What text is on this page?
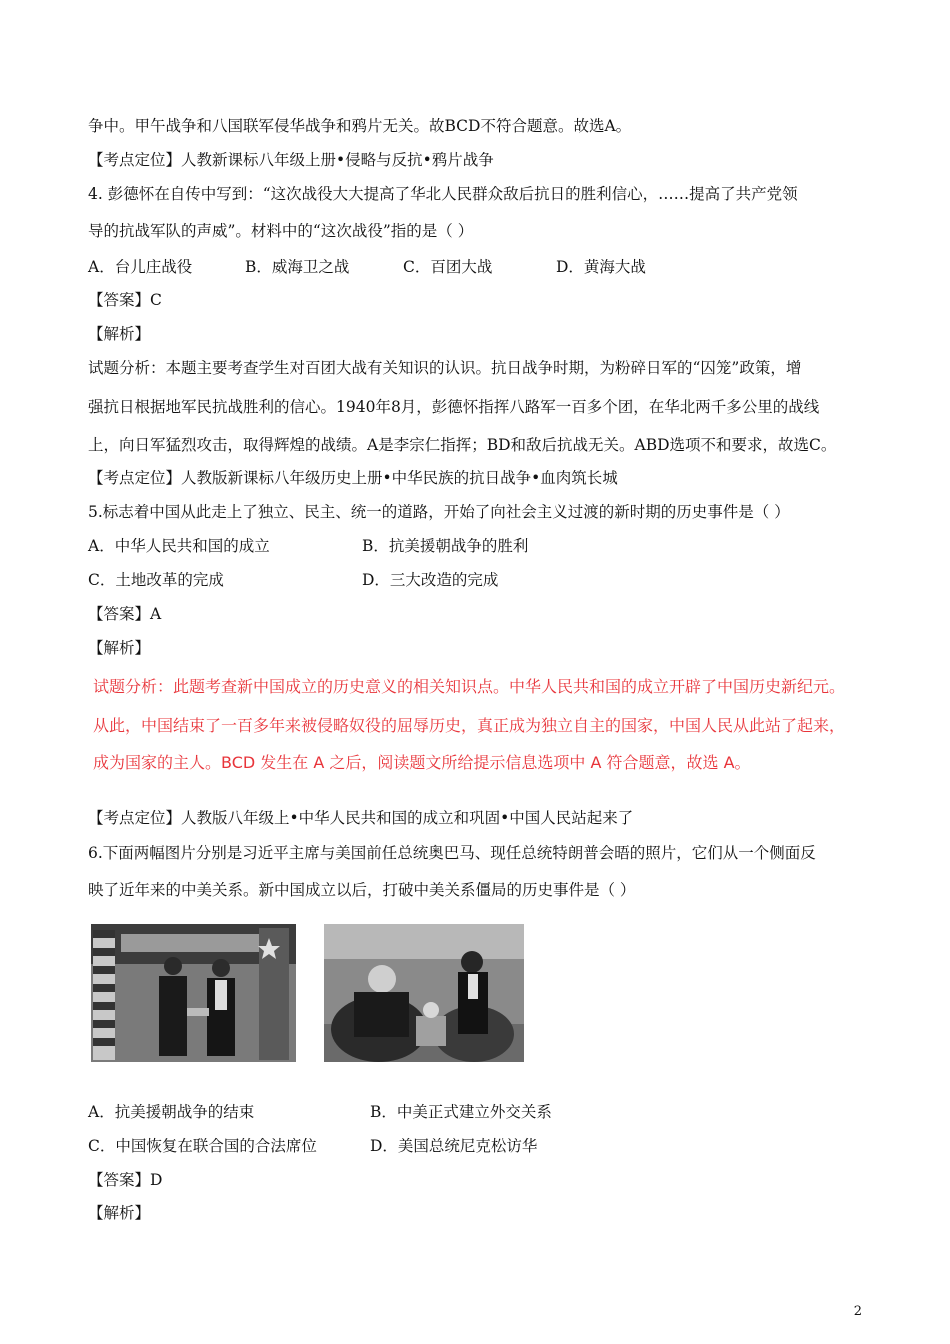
争中。甲午战争和八国联军侵华战争和鸦片无关。故BCD不符合题意。故选A。
【考点定位】人教新课标八年级上册•侵略与反抗•鸦片战争
4. 彭德怀在自传中写到：“这次战役大大提高了华北人民群众敌后抗日的胜利信心，……提高了共产党领
导的抗战军队的声威”。材料中的“这次战役”指的是（ ）
A．台儿庄战役	B．威海卫之战	C．百团大战	D．黄海大战
【答案】C
【解析】
试题分析：本题主要考查学生对百团大战有关知识的认识。抗日战争时期，为粉碎日军的“囚笼”政策，增
强抗日根据地军民抗战胜利的信心。1940年8月，彭德怀指挥八路军一百多个团，在华北两千多公里的战线
上，向日军猛烈攻击，取得辉煌的战绩。A是李宗仁指挥；BD和敌后抗战无关。ABD选项不和要求，故选C。
【考点定位】人教版新课标八年级历史上册•中华民族的抗日战争•血肉筑长城
5.标志着中国从此走上了独立、民主、统一的道路，开始了向社会主义过渡的新时期的历史事件是（ ）
A．中华人民共和国的成立	B．抗美援朝战争的胜利
C．土地改革的完成	D．三大改造的完成
【答案】A
【解析】
试题分析：此题考查新中国成立的历史意义的相关知识点。中华人民共和国的成立开辟了中国历史新纪元。
从此，中国结束了一百多年来被侵略奴役的屈辱历史，真正成为独立自主的国家，中国人民从此站了起来，
成为国家的主人。BCD 发生在 A 之后，阅读题文所给提示信息选项中 A 符合题意，故选 A。
【考点定位】人教版八年级上•中华人民共和国的成立和巩固•中国人民站起来了
6.下面两幅图片分别是习近平主席与美国前任总统奥巴马、现任总统特朗普会晤的照片，它们从一个侧面反
映了近年来的中美关系。新中国成立以后，打破中美关系僵局的历史事件是（ ）
A．抗美援朝战争的结束	B．中美正式建立外交关系
C．中国恢复在联合国的合法席位	D．美国总统尼克松访华
【答案】D
【解析】
2
